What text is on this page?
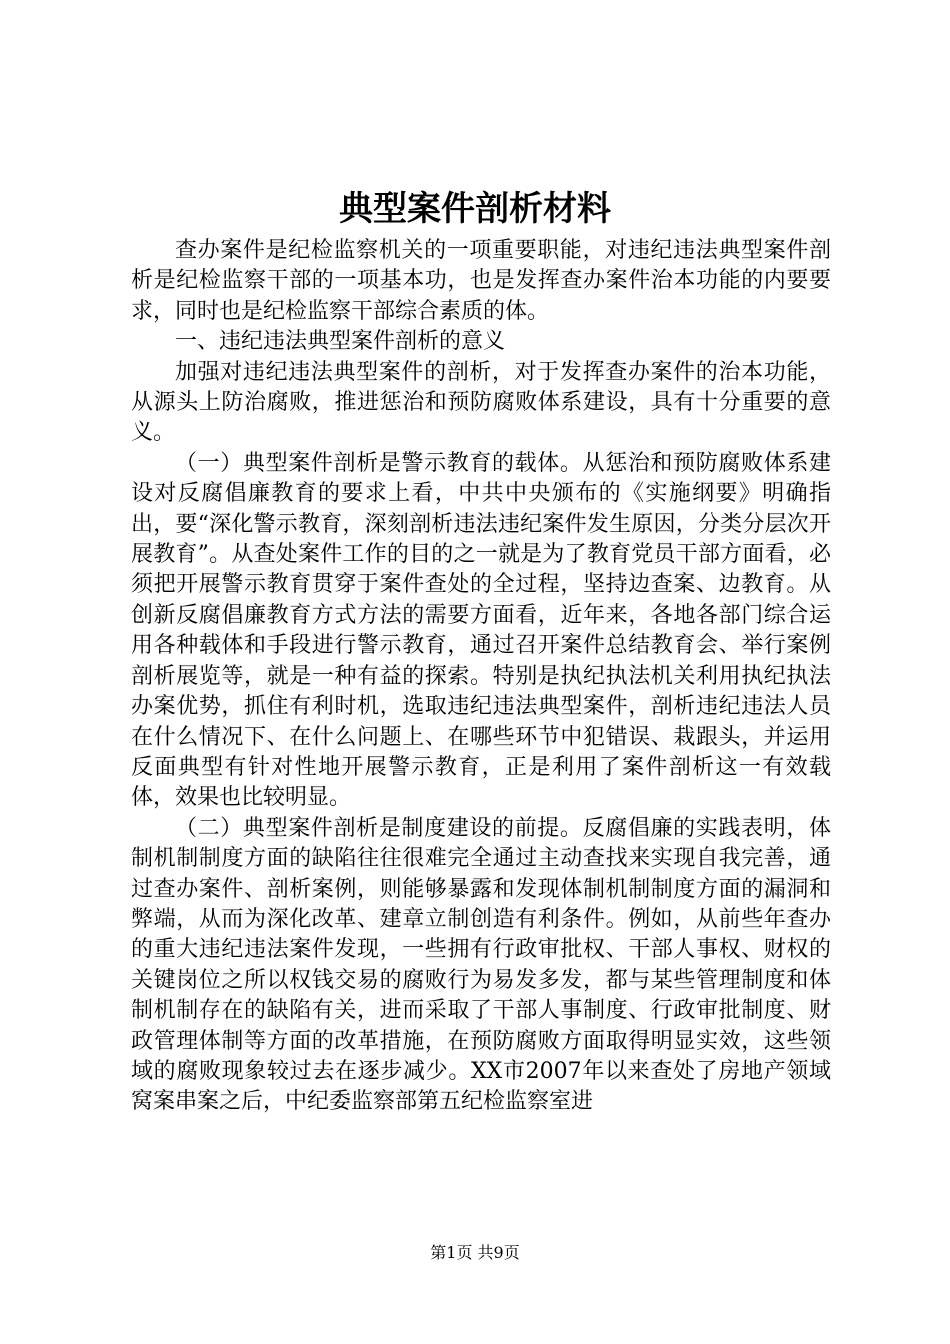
典型案件剖析材料

查办案件是纪检监察机关的一项重要职能，对违纪违法典型案件剖析是纪检监察干部的一项基本功，也是发挥查办案件治本功能的内要要求，同时也是纪检监察干部综合素质的体。

一、违纪违法典型案件剖析的意义

加强对违纪违法典型案件的剖析，对于发挥查办案件的治本功能，从源头上防治腐败，推进惩治和预防腐败体系建设，具有十分重要的意义。

（一）典型案件剖析是警示教育的载体。从惩治和预防腐败体系建设对反腐倡廉教育的要求上看，中共中央颁布的《实施纲要》明确指出，要“深化警示教育，深刻剖析违法违纪案件发生原因，分类分层次开展教育”。从查处案件工作的目的之一就是为了教育党员干部方面看，必须把开展警示教育贯穿于案件查处的全过程，坚持边查案、边教育。从创新反腐倡廉教育方式方法的需要方面看，近年来，各地各部门综合运用各种载体和手段进行警示教育，通过召开案件总结教育会、举行案例剖析展览等，就是一种有益的探索。特别是执纪执法机关利用执纪执法办案优势，抓住有利时机，选取违纪违法典型案件，剖析违纪违法人员在什么情况下、在什么问题上、在哪些环节中犯错误、栽跟头，并运用反面典型有针对性地开展警示教育，正是利用了案件剖析这一有效载体，效果也比较明显。

（二）典型案件剖析是制度建设的前提。反腐倡廉的实践表明，体制机制制度方面的缺陷往往很难完全通过主动查找来实现自我完善，通过查办案件、剖析案例，则能够暴露和发现体制机制制度方面的漏洞和弊端，从而为深化改革、建章立制创造有利条件。例如，从前些年查办的重大违纪违法案件发现，一些拥有行政审批权、干部人事权、财权的关键岗位之所以权钱交易的腐败行为易发多发，都与某些管理制度和体制机制存在的缺陷有关，进而采取了干部人事制度、行政审批制度、财政管理体制等方面的改革措施，在预防腐败方面取得明显实效，这些领域的腐败现象较过去在逐步减少。XX市2007年以来查处了房地产领域窝案串案之后，中纪委监察部第五纪检监察室进

第1页 共9页
